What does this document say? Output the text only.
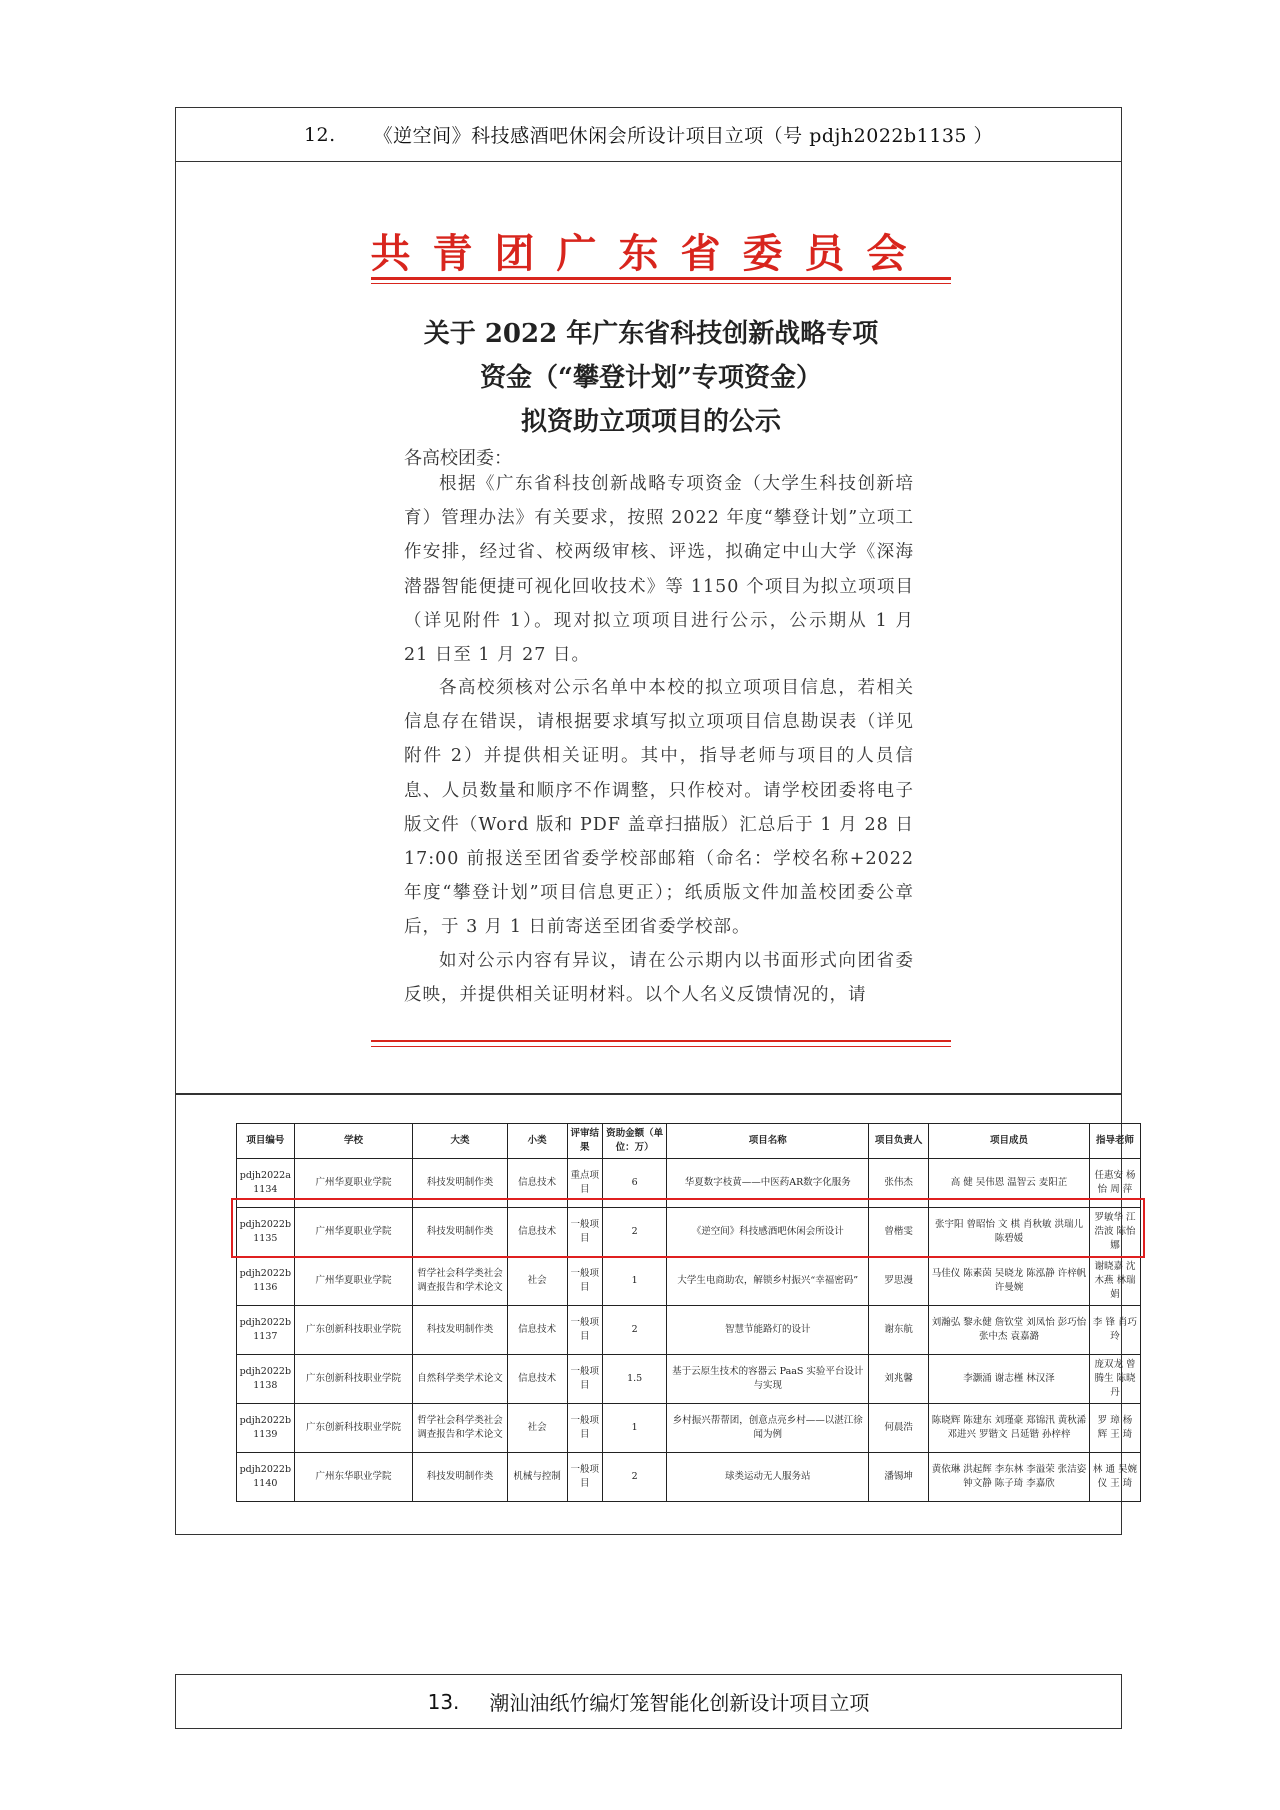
12. 《逆空间》科技感酒吧休闲会所设计项目立项（号 pdjh2022b1135 ）
共青团广东省委员会
关于 2022 年广东省科技创新战略专项
资金（“攀登计划”专项资金）
拟资助立项项目的公示
各高校团委：
根据《广东省科技创新战略专项资金（大学生科技创新培育）管理办法》有关要求，按照 2022 年度“攀登计划”立项工作安排，经过省、校两级审核、评选，拟确定中山大学《深海潜器智能便捷可视化回收技术》等 1150 个项目为拟立项项目（详见附件 1）。现对拟立项项目进行公示，公示期从 1 月 21 日至 1 月 27 日。
各高校须核对公示名单中本校的拟立项项目信息，若相关信息存在错误，请根据要求填写拟立项项目信息勘误表（详见附件 2）并提供相关证明。其中，指导老师与项目的人员信息、人员数量和顺序不作调整，只作校对。请学校团委将电子版文件（Word 版和 PDF 盖章扫描版）汇总后于 1 月 28 日 17:00 前报送至团省委学校部邮箱（命名：学校名称+2022 年度“攀登计划”项目信息更正）；纸质版文件加盖校团委公章后，于 3 月 1 日前寄送至团省委学校部。
如对公示内容有异议，请在公示期内以书面形式向团省委反映，并提供相关证明材料。以个人名义反馈情况的，请
项目编号	学校	大类	小类	评审结果	资助金额（单位：万）	项目名称	项目负责人	项目成员	指导老师
pdjh2022a1134	广州华夏职业学院	科技发明制作类	信息技术	重点项目	6	华夏数字枝黄——中医药AR数字化服务	张伟杰	高 健 吴伟恩 温智云 麦阳芷	任惠安 杨 怡 周 萍
pdjh2022b1135	广州华夏职业学院	科技发明制作类	信息技术	一般项目	2	《逆空间》科技感酒吧休闲会所设计	曾楷雯	张宇阳 曾昭怡 文 棋 肖秋敏 洪瑞儿 陈碧媛	罗敏华 江浩波 陈怡娜
pdjh2022b1136	广州华夏职业学院	哲学社会科学类社会调查报告和学术论文	社会	一般项目	1	大学生电商助农，解锁乡村振兴“幸福密码”	罗思漫	马佳仪 陈素茵 吴晓龙 陈泓静 许梓帆 许曼婉	谢晓嘉 沈木燕 林瑞娟
pdjh2022b1137	广东创新科技职业学院	科技发明制作类	信息技术	一般项目	2	智慧节能路灯的设计	谢东航	刘瀚弘 黎永健 詹钦堂 刘凤怡 彭巧怡 张中杰 袁嘉潞	李 锋 肖巧玲
pdjh2022b1138	广东创新科技职业学院	自然科学类学术论文	信息技术	一般项目	1.5	基于云原生技术的容器云 PaaS 实验平台设计与实现	刘兆馨	李灏涌 谢志槿 林汉泽	庞双龙 曾腾生 陈晓丹
pdjh2022b1139	广东创新科技职业学院	哲学社会科学类社会调查报告和学术论文	社会	一般项目	1	乡村振兴帮帮团，创意点亮乡村——以湛江徐闻为例	何晨浩	陈晓辉 陈建东 刘瑾豪 郑锦汛 黄秋浠 邓进兴 罗锴文 吕延锴 孙梓梓	罗 璋 杨 辉 王 琦
pdjh2022b1140	广州东华职业学院	科技发明制作类	机械与控制	一般项目	2	球类运动无人服务站	潘锡坤	黄依琳 洪起辉 李东林 李溢荣 张洁姿 钟文静 陈子琦 李嘉欣	林 通 吴婉仪 王 琦
13. 潮汕油纸竹编灯笼智能化创新设计项目立项
